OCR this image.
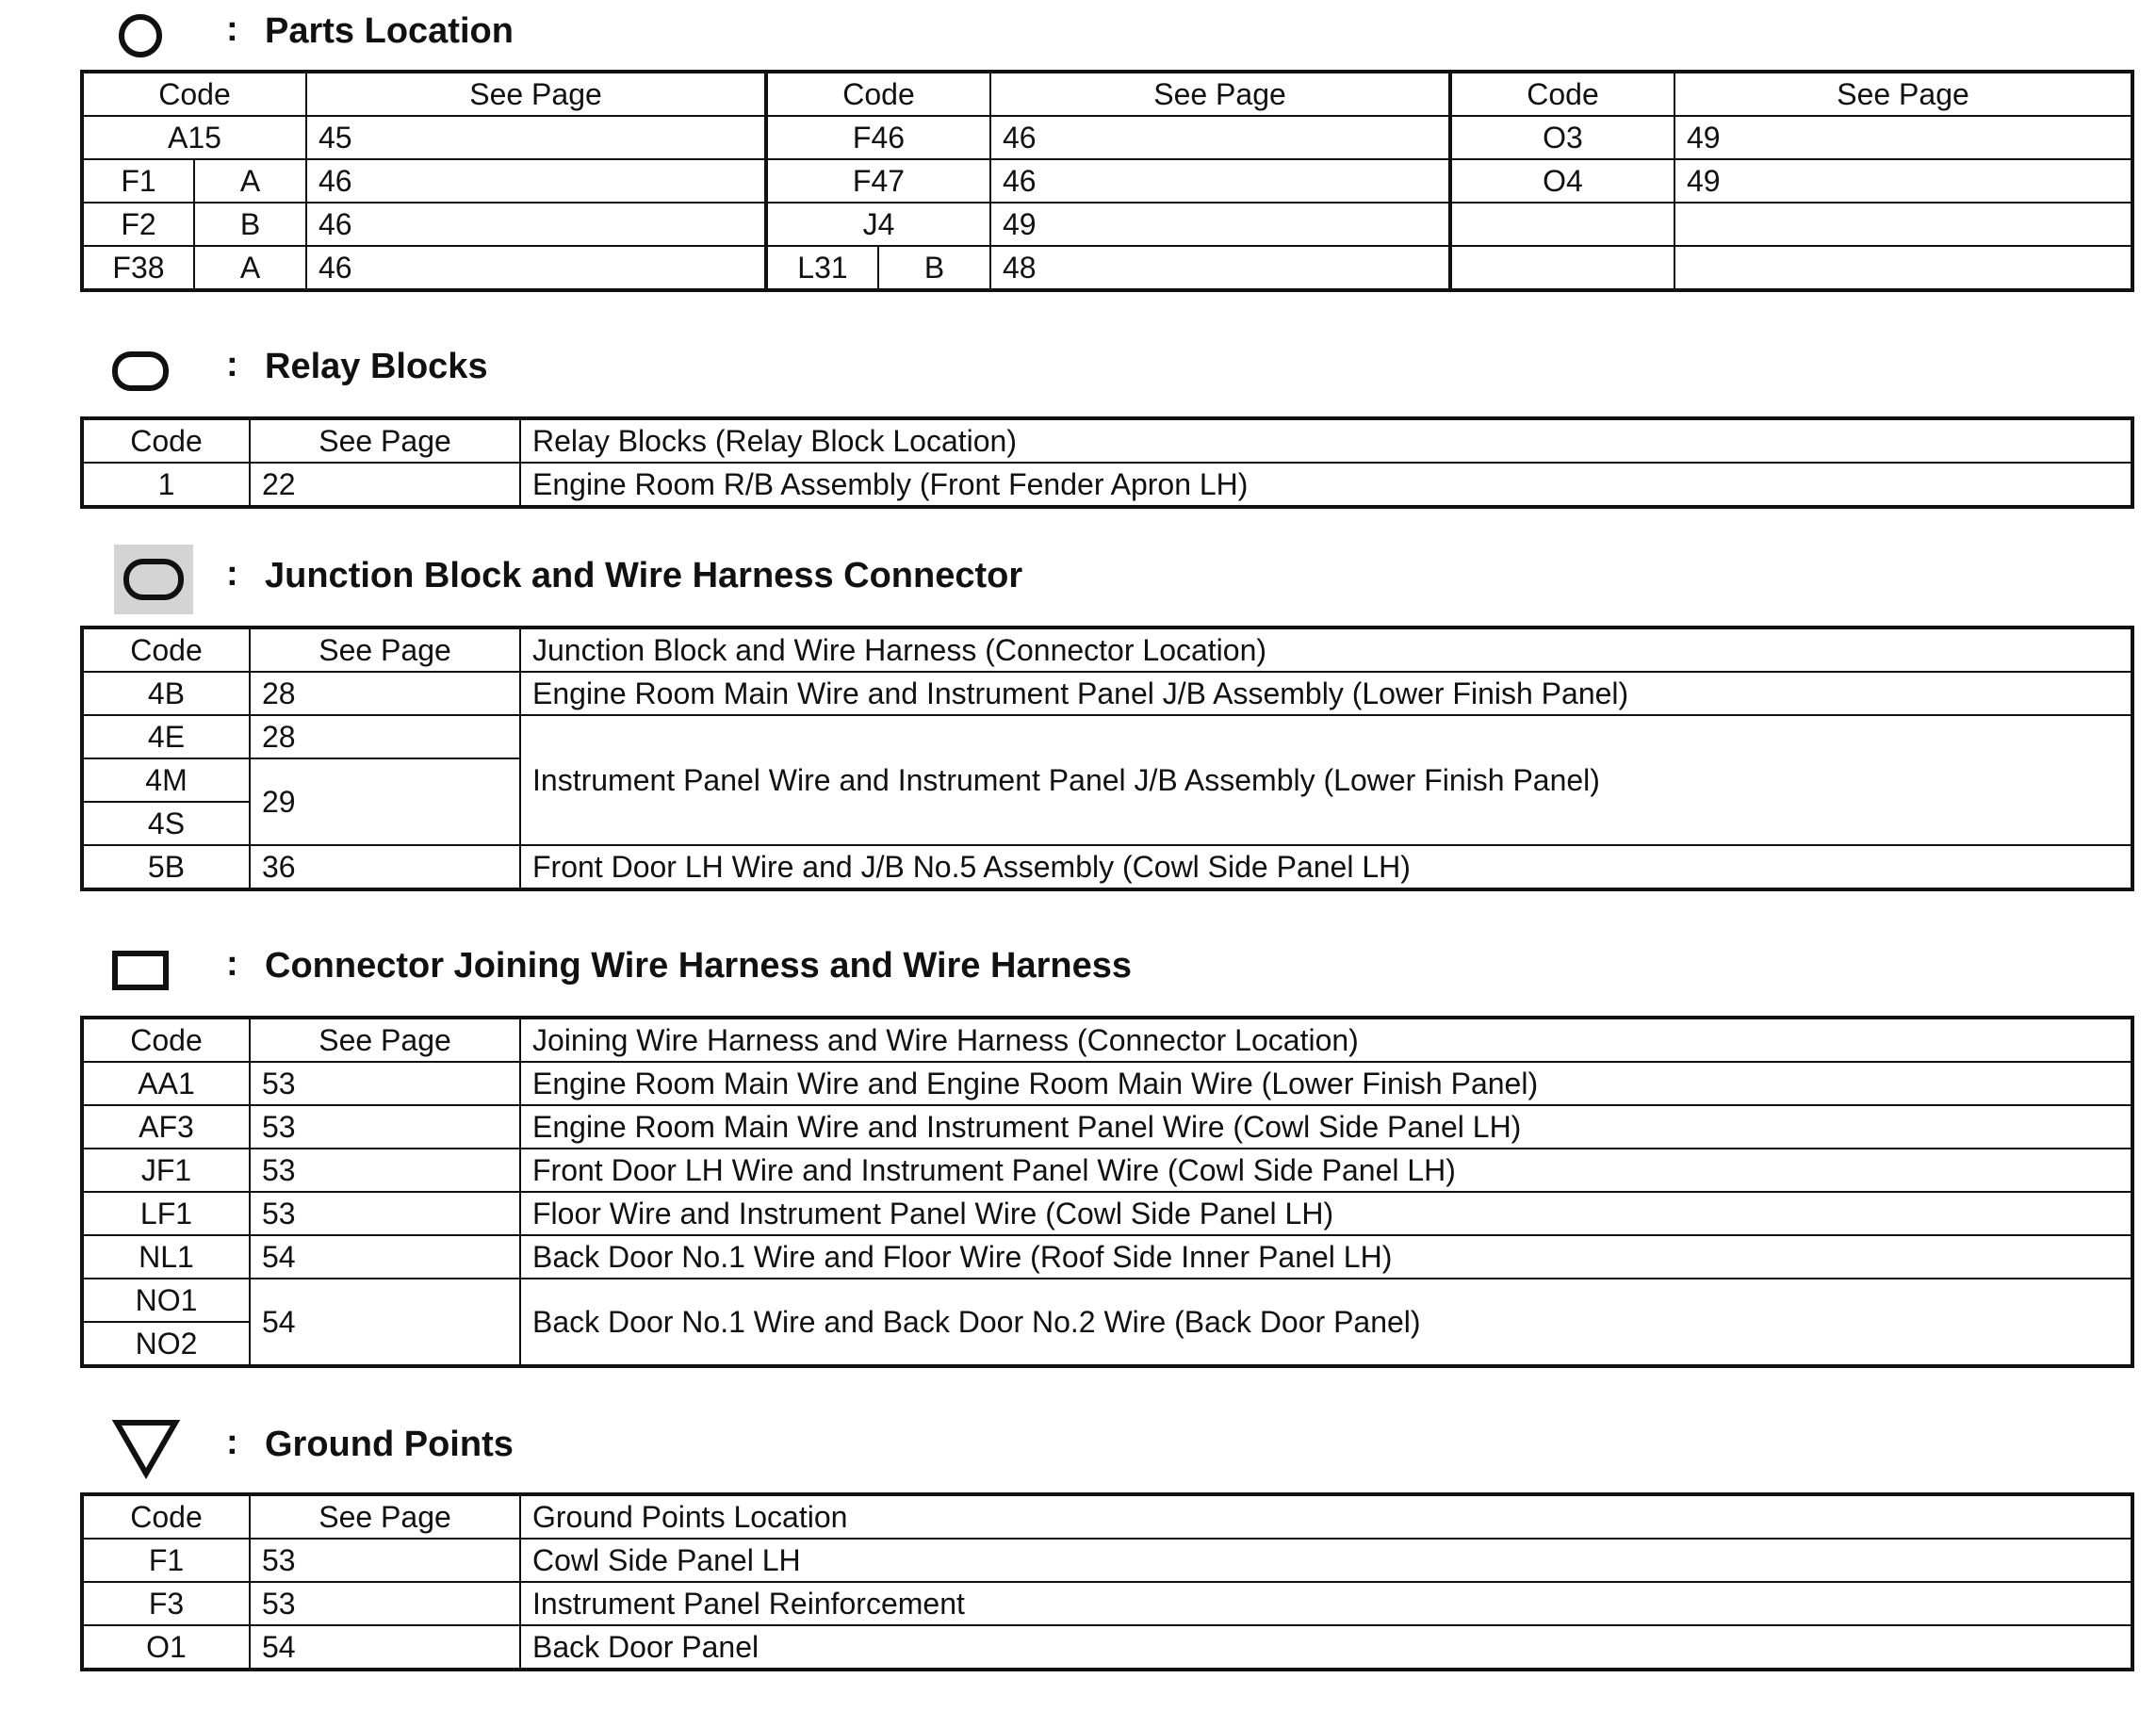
: Parts Location
Code		See Page	Code		See Page	Code	See Page
A15		45	F46		46	O3	49
F1	A	46	F47		46	O4	49
F2	B	46	J4		49		
F38	A	46	L31	B	48		
: Relay Blocks
Code	See Page	Relay Blocks (Relay Block Location)
1	22	Engine Room R/B Assembly (Front Fender Apron LH)
: Junction Block and Wire Harness Connector
Code	See Page	Junction Block and Wire Harness (Connector Location)
4B	28	Engine Room Main Wire and Instrument Panel J/B Assembly (Lower Finish Panel)
4E	28	Instrument Panel Wire and Instrument Panel J/B Assembly (Lower Finish Panel)
4M	29	
4S		
5B	36	Front Door LH Wire and J/B No.5 Assembly (Cowl Side Panel LH)
: Connector Joining Wire Harness and Wire Harness
Code	See Page	Joining Wire Harness and Wire Harness (Connector Location)
AA1	53	Engine Room Main Wire and Engine Room Main Wire (Lower Finish Panel)
AF3	53	Engine Room Main Wire and Instrument Panel Wire (Cowl Side Panel LH)
JF1	53	Front Door LH Wire and Instrument Panel Wire (Cowl Side Panel LH)
LF1	53	Floor Wire and Instrument Panel Wire (Cowl Side Panel LH)
NL1	54	Back Door No.1 Wire and Floor Wire (Roof Side Inner Panel LH)
NO1	54	Back Door No.1 Wire and Back Door No.2 Wire (Back Door Panel)
NO2		
: Ground Points
Code	See Page	Ground Points Location
F1	53	Cowl Side Panel LH
F3	53	Instrument Panel Reinforcement
O1	54	Back Door Panel
